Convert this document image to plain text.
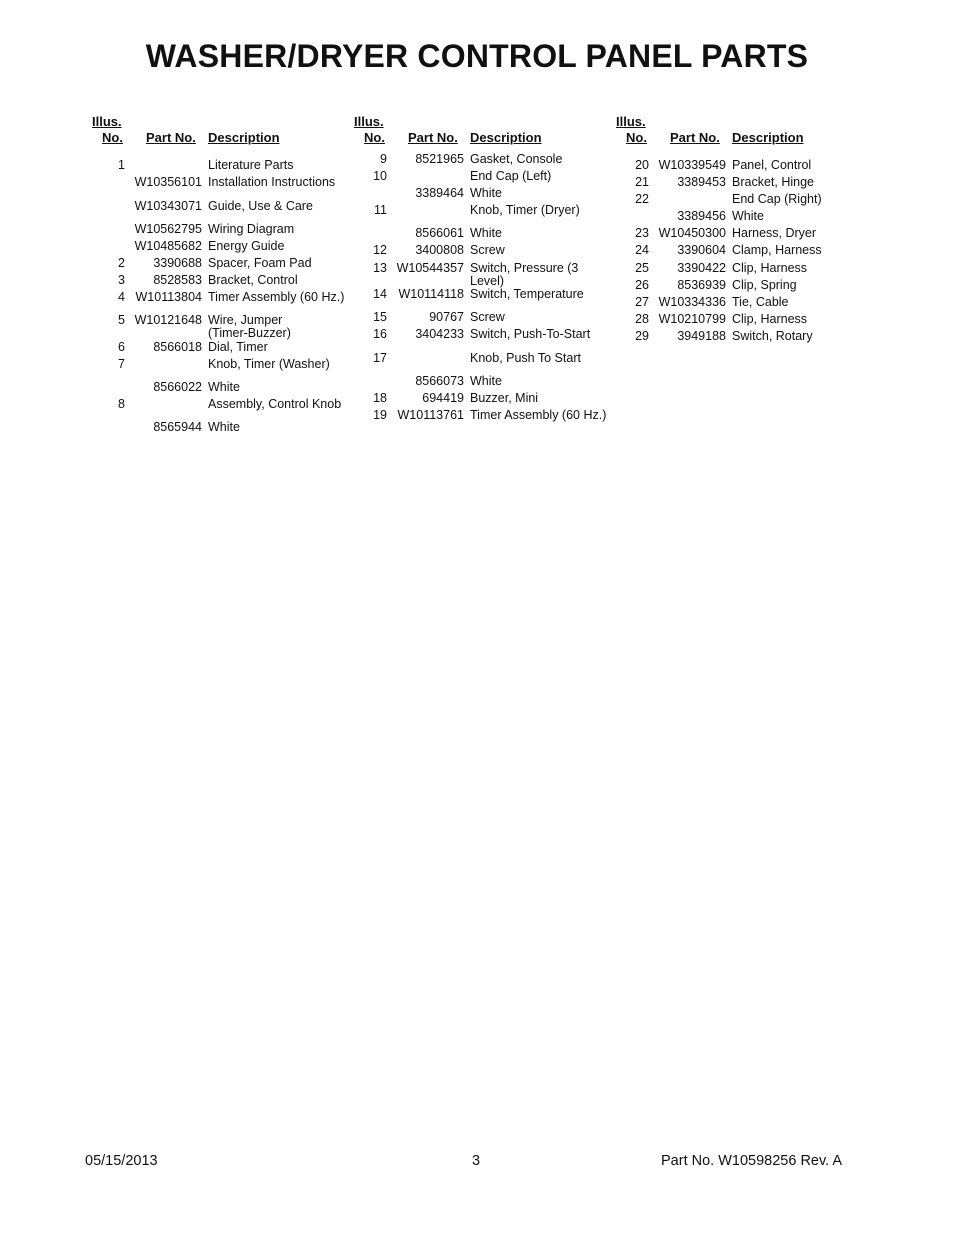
WASHER/DRYER CONTROL PANEL PARTS
Illus.
No. Part No. Description
1	Literature Parts
W10356101 Installation Instructions
W10343071 Guide, Use & Care
W10562795 Wiring Diagram
W10485682 Energy Guide
2	3390688 Spacer, Foam Pad
3	8528583 Bracket, Control
4 W10113804 Timer Assembly (60 Hz.)
5 W10121648 Wire, Jumper
(Timer-Buzzer)
6	8566018 Dial, Timer
7	Knob, Timer (Washer)
8566022 White
8	Assembly, Control Knob
8565944 White
Illus.
No. Part No. Description
9	8521965 Gasket, Console
10	End Cap (Left)
3389464 White
11	Knob, Timer (Dryer)
8566061 White
12	3400808 Screw
13 W10544357 Switch, Pressure (3
Level)
14 W10114118 Switch, Temperature
15	90767 Screw
16	3404233 Switch, Push-To-Start
17	Knob, Push To Start
8566073 White
18	694419 Buzzer, Mini
19 W10113761 Timer Assembly (60 Hz.)
Illus.
No. Part No. Description
20 W10339549 Panel, Control
21	3389453 Bracket, Hinge
22	End Cap (Right)
3389456 White
23 W10450300 Harness, Dryer
24	3390604 Clamp, Harness
25	3390422 Clip, Harness
26	8536939 Clip, Spring
27 W10334336 Tie, Cable
28 W10210799 Clip, Harness
29	3949188 Switch, Rotary
05/15/2013	3	Part No. W10598256 Rev. A
